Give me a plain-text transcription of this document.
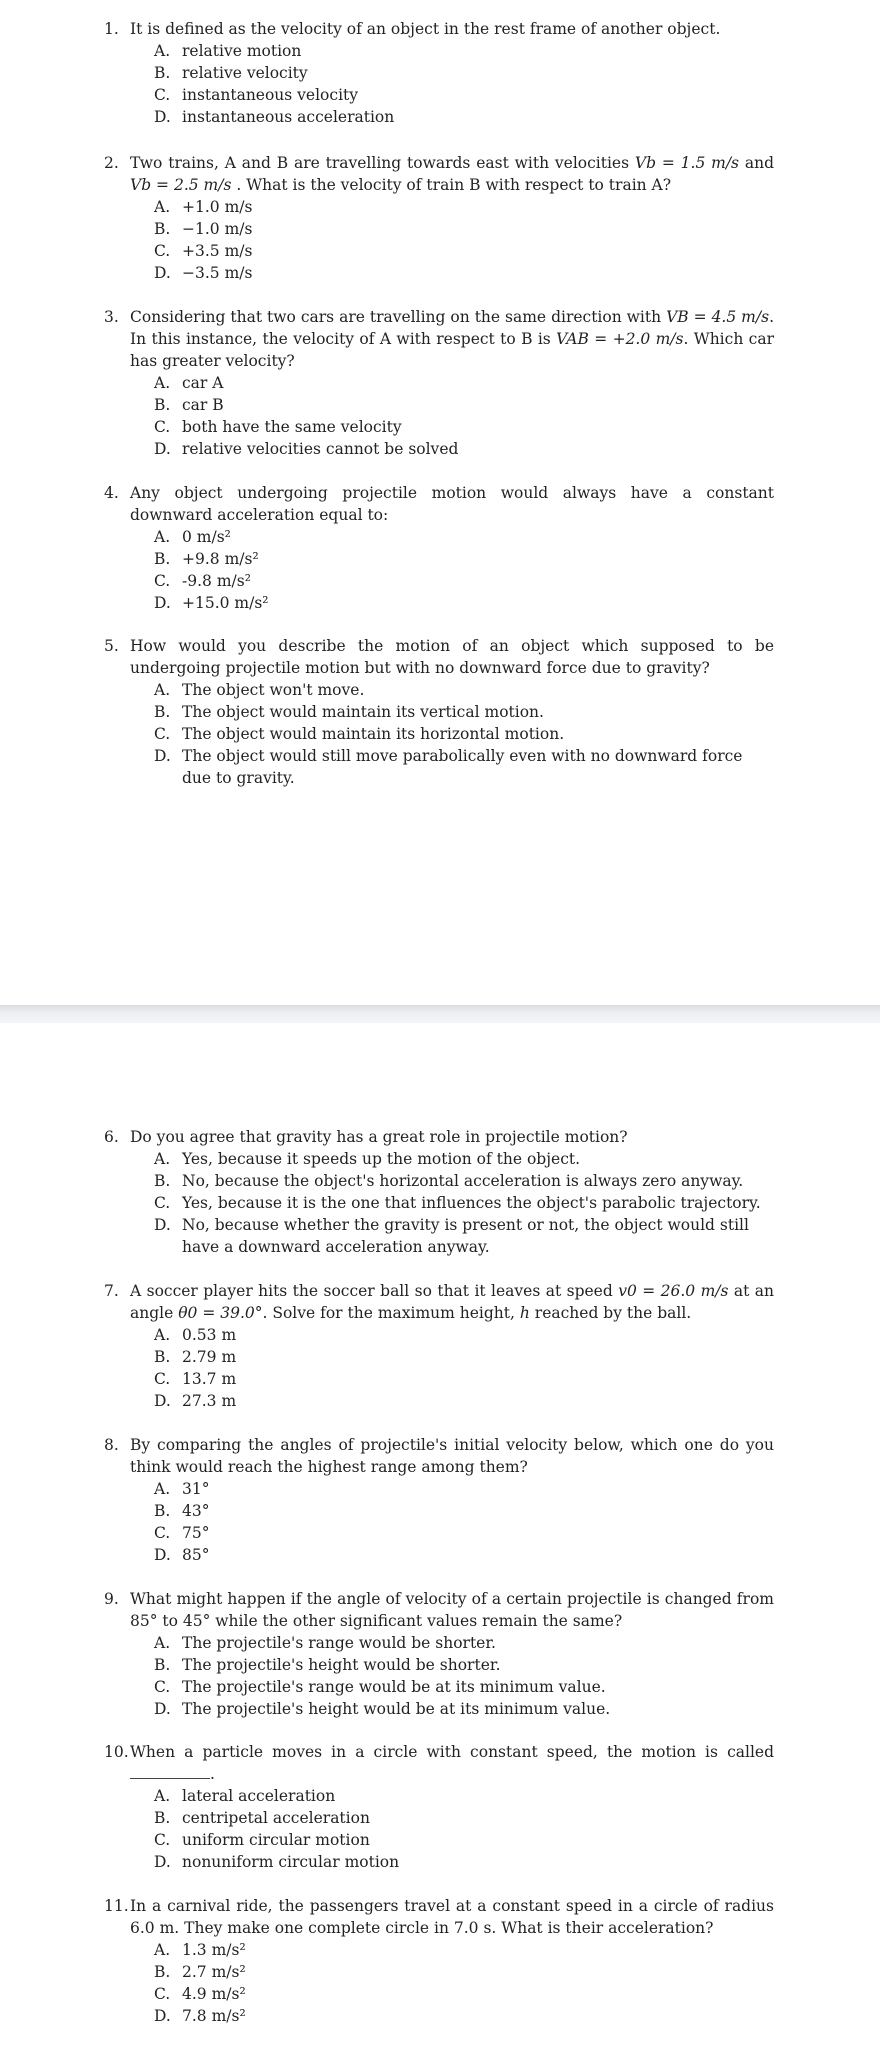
1. It is defined as the velocity of an object in the rest frame of another object.
A. relative motion
B. relative velocity
C. instantaneous velocity
D. instantaneous acceleration
2. Two trains, A and B are travelling towards east with velocities Vb = 1.5 m/s and Vb = 2.5 m/s . What is the velocity of train B with respect to train A?
A. +1.0 m/s
B. −1.0 m/s
C. +3.5 m/s
D. −3.5 m/s
3. Considering that two cars are travelling on the same direction with VB = 4.5 m/s. In this instance, the velocity of A with respect to B is VAB = +2.0 m/s. Which car has greater velocity?
A. car A
B. car B
C. both have the same velocity
D. relative velocities cannot be solved
4. Any object undergoing projectile motion would always have a constant downward acceleration equal to:
A. 0 m/s²
B. +9.8 m/s²
C. -9.8 m/s²
D. +15.0 m/s²
5. How would you describe the motion of an object which supposed to be undergoing projectile motion but with no downward force due to gravity?
A. The object won't move.
B. The object would maintain its vertical motion.
C. The object would maintain its horizontal motion.
D. The object would still move parabolically even with no downward force due to gravity.
6. Do you agree that gravity has a great role in projectile motion?
A. Yes, because it speeds up the motion of the object.
B. No, because the object's horizontal acceleration is always zero anyway.
C. Yes, because it is the one that influences the object's parabolic trajectory.
D. No, because whether the gravity is present or not, the object would still have a downward acceleration anyway.
7. A soccer player hits the soccer ball so that it leaves at speed v0 = 26.0 m/s at an angle θ0 = 39.0°. Solve for the maximum height, h reached by the ball.
A. 0.53 m
B. 2.79 m
C. 13.7 m
D. 27.3 m
8. By comparing the angles of projectile's initial velocity below, which one do you think would reach the highest range among them?
A. 31°
B. 43°
C. 75°
D. 85°
9. What might happen if the angle of velocity of a certain projectile is changed from 85° to 45° while the other significant values remain the same?
A. The projectile's range would be shorter.
B. The projectile's height would be shorter.
C. The projectile's range would be at its minimum value.
D. The projectile's height would be at its minimum value.
10. When a particle moves in a circle with constant speed, the motion is called .
A. lateral acceleration
B. centripetal acceleration
C. uniform circular motion
D. nonuniform circular motion
11. In a carnival ride, the passengers travel at a constant speed in a circle of radius 6.0 m. They make one complete circle in 7.0 s. What is their acceleration?
A. 1.3 m/s²
B. 2.7 m/s²
C. 4.9 m/s²
D. 7.8 m/s²
